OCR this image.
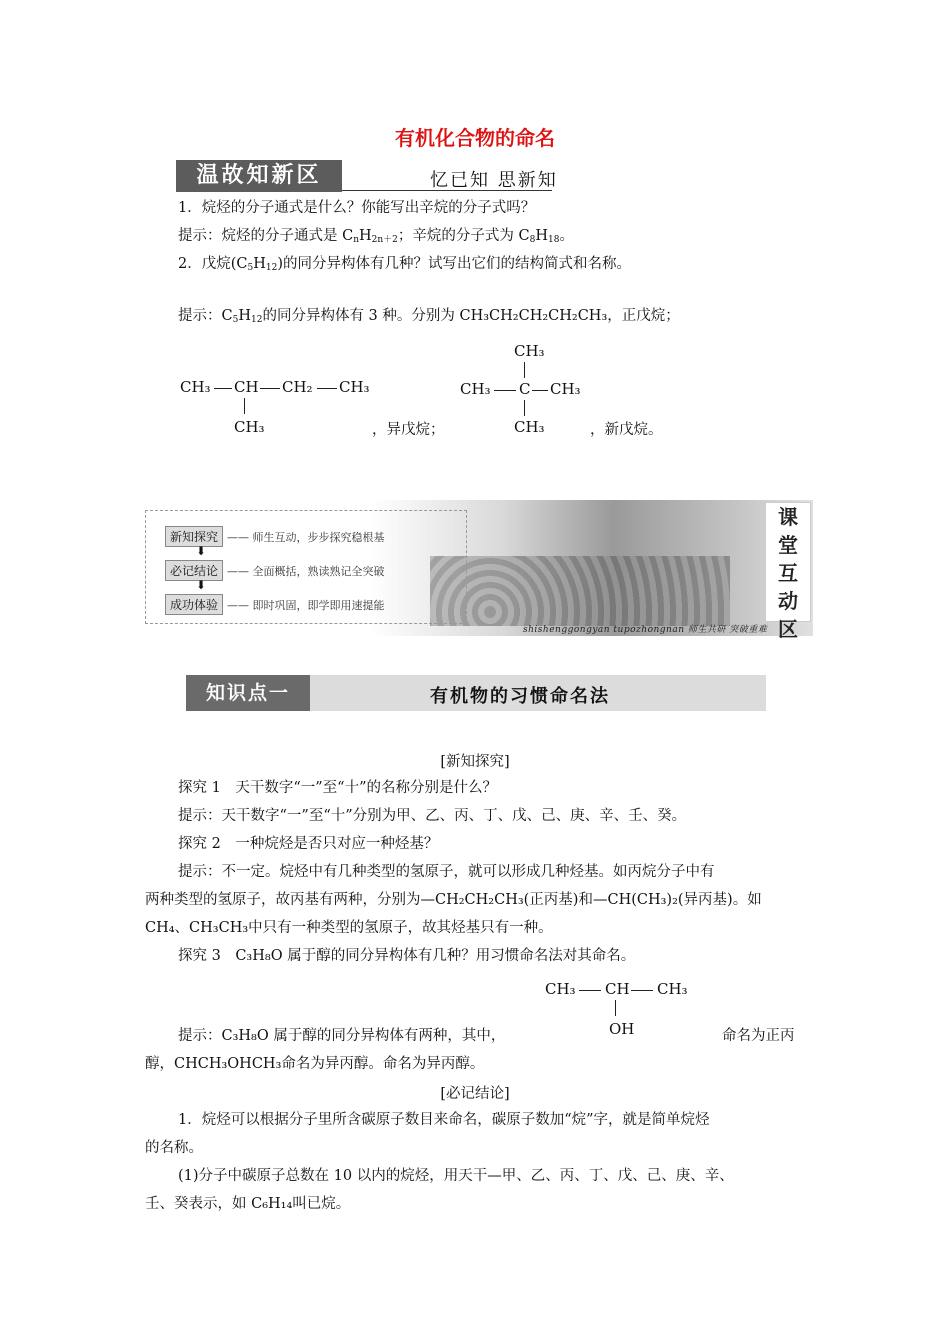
有机化合物的命名
温故知新区	忆已知 思新知

1．烷烃的分子通式是什么？你能写出辛烷的分子式吗？

提示：烷烃的分子通式是 $C_nH_{2n+2}$；辛烷的分子式为 $C_8H_{18}$。

2．戊烷$(C_5H_{12})$的同分异构体有几种？试写出它们的结构简式和名称。

提示：$C_5H_{12}$的同分异构体有 3 种。分别为 CH₃CH₂CH₂CH₂CH₃，正戊烷；

CH₃ CH CH₂ CH₃
CH₃	，异戊烷；

CH₃
CH₃ C CH₃
CH₃	，新戊烷。

新知探究 —— 师生互动，步步探究稳根基
⬇
必记结论 —— 全面概括，熟读熟记全突破
⬇
成功体验 —— 即时巩固，即学即用速提能
课
堂
互
动
区
shishenggongyan tupozhongnan 师生共研 突破重难
知识点一	有机物的习惯命名法
[新知探究]

探究 1　天干数字“一”至“十”的名称分别是什么？

提示：天干数字“一”至“十”分别为甲、乙、丙、丁、戊、己、庚、辛、壬、癸。

探究 2　一种烷烃是否只对应一种烃基？

提示：不一定。烷烃中有几种类型的氢原子，就可以形成几种烃基。如丙烷分子中有

两种类型的氢原子，故丙基有两种，分别为—CH₂CH₂CH₃(正丙基)和—CH(CH₃)₂(异丙基)。如

CH₄、CH₃CH₃中只有一种类型的氢原子，故其烃基只有一种。

探究 3　C₃H₈O 属于醇的同分异构体有几种？用习惯命名法对其命名。

CH₃ CH CH₃
OH

提示：C₃H₈O 属于醇的同分异构体有两种，其中，	命名为正丙

醇，CHCH₃OHCH₃命名为异丙醇。命名为异丙醇。

[必记结论]

1．烷烃可以根据分子里所含碳原子数目来命名，碳原子数加“烷”字，就是简单烷烃

的名称。

(1)分子中碳原子总数在 10 以内的烷烃，用天干—甲、乙、丙、丁、戊、己、庚、辛、

壬、癸表示，如 C₆H₁₄叫已烷。
